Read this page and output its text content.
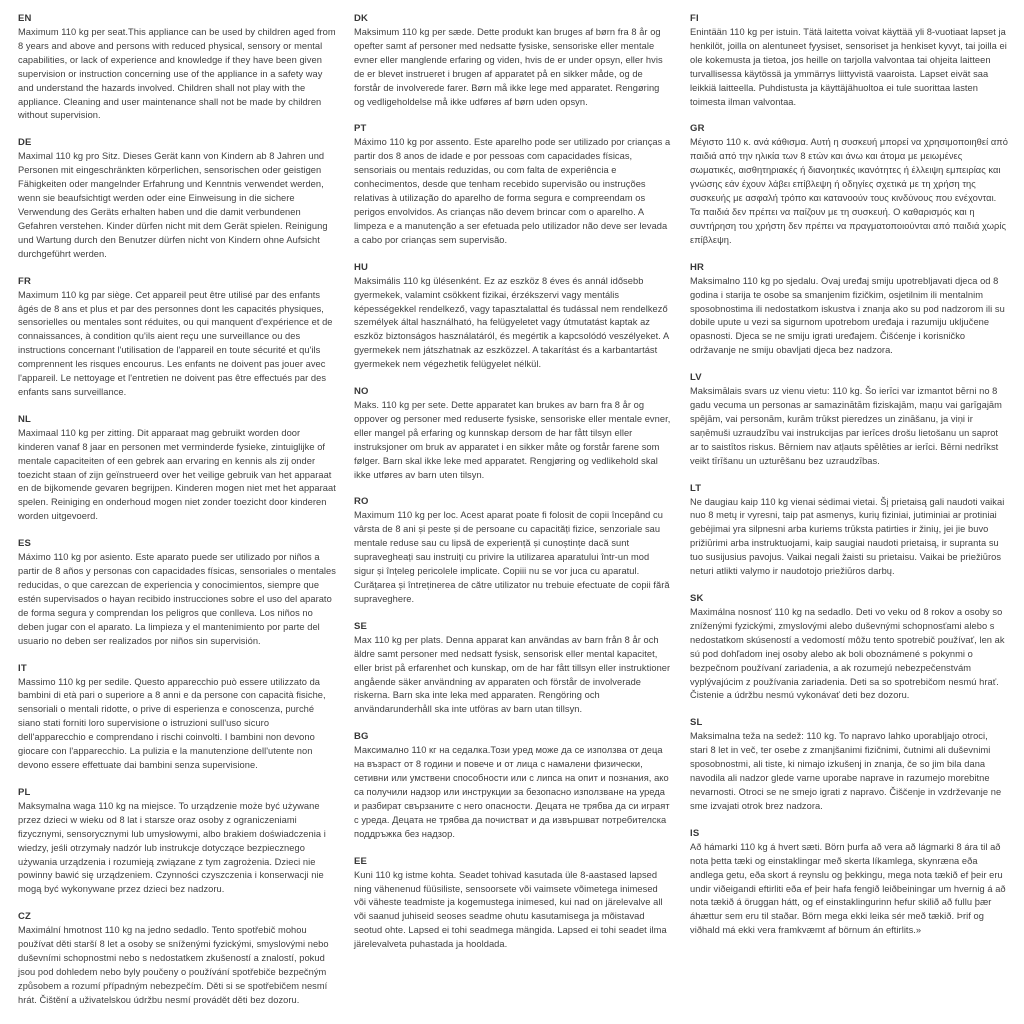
EN

Maximum 110 kg per seat.This appliance can be used by children aged from 8 years and above and persons with reduced physical, sensory or mental capabilities, or lack of experience and knowledge if they have been given supervision or instruction concerning use of the appliance in a safety way and understand the hazards involved. Children shall not play with the appliance. Cleaning and user maintenance shall not be made by children without supervision.

DE

Maximal 110 kg pro Sitz. Dieses Gerät kann von Kindern ab 8 Jahren und Personen mit eingeschränkten körperlichen, sensorischen oder geistigen Fähigkeiten oder mangelnder Erfahrung und Kenntnis verwendet werden, wenn sie beaufsichtigt werden oder eine Einweisung in die sichere Verwendung des Geräts erhalten haben und die damit verbundenen Gefahren verstehen. Kinder dürfen nicht mit dem Gerät spielen. Reinigung und Wartung durch den Benutzer dürfen nicht von Kindern ohne Aufsicht durchgeführt werden.

FR

Maximum 110 kg par siège. Cet appareil peut être utilisé par des enfants âgés de 8 ans et plus et par des personnes dont les capacités physiques, sensorielles ou mentales sont réduites, ou qui manquent d'expérience et de connaissances, à condition qu'ils aient reçu une surveillance ou des instructions concernant l'utilisation de l'appareil en toute sécurité et qu'ils comprennent les risques encourus. Les enfants ne doivent pas jouer avec l'appareil. Le nettoyage et l'entretien ne doivent pas être effectués par des enfants sans surveillance.

NL

Maximaal 110 kg per zitting. Dit apparaat mag gebruikt worden door kinderen vanaf 8 jaar en personen met verminderde fysieke, zintuiglijke of mentale capaciteiten of een gebrek aan ervaring en kennis als zij onder toezicht staan of zijn geïnstrueerd over het veilige gebruik van het apparaat en de bijkomende gevaren begrijpen. Kinderen mogen niet met het apparaat spelen. Reiniging en onderhoud mogen niet zonder toezicht door kinderen worden uitgevoerd.

ES

Máximo 110 kg por asiento. Este aparato puede ser utilizado por niños a partir de 8 años y personas con capacidades físicas, sensoriales o mentales reducidas, o que carezcan de experiencia y conocimientos, siempre que estén supervisados o hayan recibido instrucciones sobre el uso del aparato de forma segura y comprendan los peligros que conlleva. Los niños no deben jugar con el aparato. La limpieza y el mantenimiento por parte del usuario no deben ser realizados por niños sin supervisión.

IT

Massimo 110 kg per sedile. Questo apparecchio può essere utilizzato da bambini di età pari o superiore a 8 anni e da persone con capacità fisiche, sensoriali o mentali ridotte, o prive di esperienza e conoscenza, purché siano stati forniti loro supervisione o istruzioni sull'uso sicuro dell'apparecchio e comprendano i rischi coinvolti. I bambini non devono giocare con l'apparecchio. La pulizia e la manutenzione dell'utente non devono essere effettuate dai bambini senza supervisione.

PL

Maksymalna waga 110 kg na miejsce. To urządzenie może być używane przez dzieci w wieku od 8 lat i starsze oraz osoby z ograniczeniami fizycznymi, sensorycznymi lub umysłowymi, albo brakiem doświadczenia i wiedzy, jeśli otrzymały nadzór lub instrukcje dotyczące bezpiecznego używania urządzenia i rozumieją związane z tym zagrożenia. Dzieci nie powinny bawić się urządzeniem. Czynności czyszczenia i konserwacji nie mogą być wykonywane przez dzieci bez nadzoru.

CZ

Maximální hmotnost 110 kg na jedno sedadlo. Tento spotřebič mohou používat děti starší 8 let a osoby se sníženými fyzickými, smyslovými nebo duševními schopnostmi nebo s nedostatkem zkušeností a znalostí, pokud jsou pod dohledem nebo byly poučeny o používání spotřebiče bezpečným způsobem a rozumí případným nebezpečím. Děti si se spotřebičem nesmí hrát. Čištění a uživatelskou údržbu nesmí provádět děti bez dozoru.

DK

Maksimum 110 kg per sæde. Dette produkt kan bruges af børn fra 8 år og opefter samt af personer med nedsatte fysiske, sensoriske eller mentale evner eller manglende erfaring og viden, hvis de er under opsyn, eller hvis de er blevet instrueret i brugen af apparatet på en sikker måde, og de forstår de involverede farer. Børn må ikke lege med apparatet. Rengøring og vedligeholdelse må ikke udføres af børn uden opsyn.

PT

Máximo 110 kg por assento. Este aparelho pode ser utilizado por crianças a partir dos 8 anos de idade e por pessoas com capacidades físicas, sensoriais ou mentais reduzidas, ou com falta de experiência e conhecimentos, desde que tenham recebido supervisão ou instruções relativas à utilização do aparelho de forma segura e compreendam os perigos envolvidos. As crianças não devem brincar com o aparelho. A limpeza e a manutenção a ser efetuada pelo utilizador não deve ser levada a cabo por crianças sem supervisão.

HU

Maksimális 110 kg ülésenként. Ez az eszköz 8 éves és annál idősebb gyermekek, valamint csökkent fizikai, érzékszervi vagy mentális képességekkel rendelkező, vagy tapasztalattal és tudással nem rendelkező személyek által használható, ha felügyeletet vagy útmutatást kaptak az eszköz biztonságos használatáról, és megértik a kapcsolódó veszélyeket. A gyermekek nem játszhatnak az eszközzel. A takarítást és a karbantartást gyermekek nem végezhetik felügyelet nélkül.

NO

Maks. 110 kg per sete. Dette apparatet kan brukes av barn fra 8 år og oppover og personer med reduserte fysiske, sensoriske eller mentale evner, eller mangel på erfaring og kunnskap dersom de har fått tilsyn eller instruksjoner om bruk av apparatet i en sikker måte og forstår farene som følger. Barn skal ikke leke med apparatet. Rengjøring og vedlikehold skal ikke utføres av barn uten tilsyn.

RO

Maximum 110 kg per loc. Acest aparat poate fi folosit de copii începând cu vârsta de 8 ani și peste și de persoane cu capacități fizice, senzoriale sau mentale reduse sau cu lipsă de experiență și cunoștințe dacă sunt supravegheați sau instruiți cu privire la utilizarea aparatului într-un mod sigur și înțeleg pericolele implicate. Copiii nu se vor juca cu aparatul. Curățarea și întreținerea de către utilizator nu trebuie efectuate de copii fără supraveghere.

SE

Max 110 kg per plats. Denna apparat kan användas av barn från 8 år och äldre samt personer med nedsatt fysisk, sensorisk eller mental kapacitet, eller brist på erfarenhet och kunskap, om de har fått tillsyn eller instruktioner angående säker användning av apparaten och förstår de involverade riskerna. Barn ska inte leka med apparaten. Rengöring och användarunderhåll ska inte utföras av barn utan tillsyn.

BG

Максимално 110 кг на седалка.Този уред може да се използва от деца на възраст от 8 години и повече и от лица с намалени физически, сетивни или умствени способности или с липса на опит и познания, ако са получили надзор или инструкции за безопасно използване на уреда и разбират свързаните с него опасности. Децата не трябва да си играят с уреда. Децата не трябва да почистват и да извършват потребителска поддръжка без надзор.

EE

Kuni 110 kg istme kohta. Seadet tohivad kasutada üle 8-aastased lapsed ning vähenenud füüsiliste, sensoorsete või vaimsete võimetega inimesed või väheste teadmiste ja kogemustega inimesed, kui nad on järelevalve all või saanud juhiseid seoses seadme ohutu kasutamisega ja mõistavad seotud ohte. Lapsed ei tohi seadmega mängida. Lapsed ei tohi seadet ilma järelevalveta puhastada ja hooldada.

FI

Enintään 110 kg per istuin. Tätä laitetta voivat käyttää yli 8-vuotiaat lapset ja henkilöt, joilla on alentuneet fyysiset, sensoriset ja henkiset kyvyt, tai joilla ei ole kokemusta ja tietoa, jos heille on tarjolla valvontaa tai ohjeita laitteen turvallisessa käytössä ja ymmärrys liittyvistä vaaroista. Lapset eivät saa leikkiä laitteella. Puhdistusta ja käyttäjähuoltoa ei tule suorittaa lasten toimesta ilman valvontaa.

GR

Μέγιστο 110 κ. ανά κάθισμα. Αυτή η συσκευή μπορεί να χρησιμοποιηθεί από παιδιά από την ηλικία των 8 ετών και άνω και άτομα με μειωμένες σωματικές, αισθητηριακές ή διανοητικές ικανότητες ή έλλειψη εμπειρίας και γνώσης εάν έχουν λάβει επίβλεψη ή οδηγίες σχετικά με τη χρήση της συσκευής με ασφαλή τρόπο και κατανοούν τους κινδύνους που ενέχονται. Τα παιδιά δεν πρέπει να παίζουν με τη συσκευή. Ο καθαρισμός και η συντήρηση του χρήστη δεν πρέπει να πραγματοποιούνται από παιδιά χωρίς επίβλεψη.

HR

Maksimalno 110 kg po sjedalu. Ovaj uređaj smiju upotrebljavati djeca od 8 godina i starija te osobe sa smanjenim fizičkim, osjetilnim ili mentalnim sposobnostima ili nedostatkom iskustva i znanja ako su pod nadzorom ili su dobile upute u vezi sa sigurnom upotrebom uređaja i razumiju uključene opasnosti. Djeca se ne smiju igrati uređajem. Čišćenje i korisničko održavanje ne smiju obavljati djeca bez nadzora.

LV

Maksimālais svars uz vienu vietu: 110 kg. Šo ierīci var izmantot bērni no 8 gadu vecuma un personas ar samazinātām fiziskajām, maņu vai garīgajām spējām, vai personām, kurām trūkst pieredzes un zināšanu, ja viņi ir saņēmuši uzraudzību vai instrukcijas par ierīces drošu lietošanu un saprot ar to saistītos riskus. Bērniem nav atļauts spēlēties ar ierīci. Bērni nedrīkst veikt tīrīšanu un uzturēšanu bez uzraudzības.

LT

Ne daugiau kaip 110 kg vienai sėdimai vietai. Šį prietaisą gali naudoti vaikai nuo 8 metų ir vyresni, taip pat asmenys, kurių fiziniai, jutiminiai ar protiniai gebėjimai yra silpnesni arba kuriems trūksta patirties ir žinių, jei jie buvo prižiūrimi arba instruktuojami, kaip saugiai naudoti prietaisą, ir supranta su tuo susijusius pavojus. Vaikai negali žaisti su prietaisu. Vaikai be priežiūros neturi atlikti valymo ir naudotojo priežiūros darbų.

SK

Maximálna nosnosť 110 kg na sedadlo. Deti vo veku od 8 rokov a osoby so zníženými fyzickými, zmyslovými alebo duševnými schopnosťami alebo s nedostatkom skúseností a vedomostí môžu tento spotrebič používať, len ak sú pod dohľadom inej osoby alebo ak boli oboznámené s pokynmi o bezpečnom používaní zariadenia, a ak rozumejú nebezpečenstvám vyplývajúcim z používania zariadenia. Deti sa so spotrebičom nesmú hrať. Čistenie a údržbu nesmú vykonávať deti bez dozoru.

SL

Maksimalna teža na sedež: 110 kg. To napravo lahko uporabljajo otroci, stari 8 let in več, ter osebe z zmanjšanimi fizičnimi, čutnimi ali duševnimi sposobnostmi, ali tiste, ki nimajo izkušenj in znanja, če so jim bila dana navodila ali nadzor glede varne uporabe naprave in razumejo morebitne nevarnosti. Otroci se ne smejo igrati z napravo. Čiščenje in vzdrževanje ne sme izvajati otrok brez nadzora.

IS

Að hámarki 110 kg á hvert sæti. Börn þurfa að vera að lágmarki 8 ára til að nota þetta tæki og einstaklingar með skerta líkamlega, skynræna eða andlega getu, eða skort á reynslu og þekkingu, mega nota tækið ef þeir eru undir viðeigandi eftirliti eða ef þeir hafa fengið leiðbeiningar um hvernig á að nota tækið á öruggan hátt, og ef einstaklingurinn hefur skilið að fullu þær áhættur sem eru til staðar. Börn mega ekki leika sér með tækið. Þrif og viðhald má ekki vera framkvæmt af börnum án eftirlits.»
